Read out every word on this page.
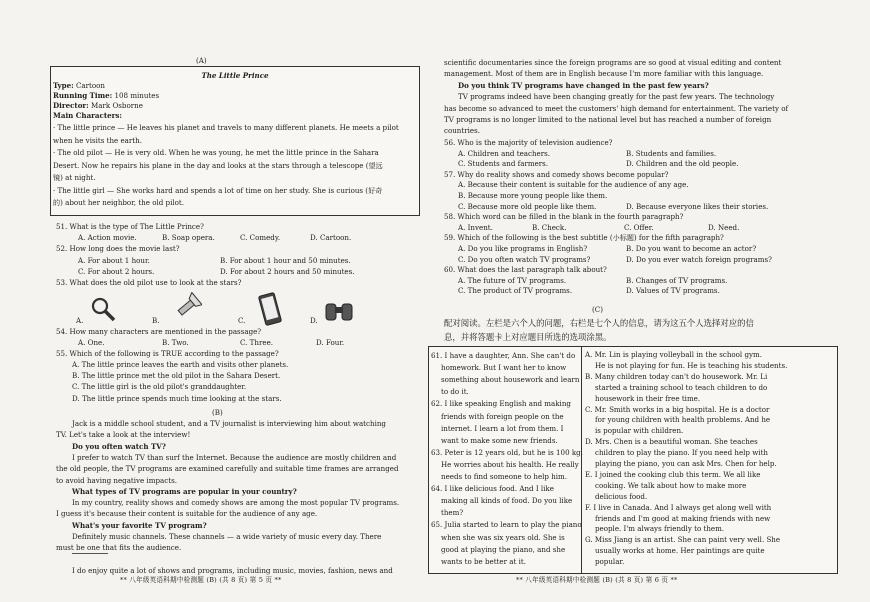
(A)
The Little Prince
Type: Cartoon
Running Time: 108 minutes
Director: Mark Osborne
Main Characters:
· The little prince — He leaves his planet and travels to many different planets. He meets a pilot
when he visits the earth.
· The old pilot — He is very old. When he was young, he met the little prince in the Sahara
Desert. Now he repairs his plane in the day and looks at the stars through a telescope (望远
镜) at night.
· The little girl — She works hard and spends a lot of time on her study. She is curious (好奇
的) about her neighbor, the old pilot.
51. What is the type of The Little Prince?
A. Action movie.	B. Soap opera.	C. Comedy.	D. Cartoon.
52. How long does the movie last?
A. For about 1 hour.	B. For about 1 hour and 50 minutes.
C. For about 2 hours.	D. For about 2 hours and 50 minutes.
53. What does the old pilot use to look at the stars?
A.	B.	C.	D.
54. How many characters are mentioned in the passage?
A. One.	B. Two.	C. Three.	D. Four.
55. Which of the following is TRUE according to the passage?
A. The little prince leaves the earth and visits other planets.
B. The little prince met the old pilot in the Sahara Desert.
C. The little girl is the old pilot's granddaughter.
D. The little prince spends much time looking at the stars.
(B)
Jack is a middle school student, and a TV journalist is interviewing him about watching
TV. Let's take a look at the interview!
Do you often watch TV?
I prefer to watch TV than surf the Internet. Because the audience are mostly children and
the old people, the TV programs are examined carefully and suitable time frames are arranged
to avoid having negative impacts.
What types of TV programs are popular in your country?
In my country, reality shows and comedy shows are among the most popular TV programs.
I guess it's because their content is suitable for the audience of any age.
What's your favorite TV program?
Definitely music channels. These channels — a wide variety of music every day. There
must be one that fits the audience.
I do enjoy quite a lot of shows and programs, including music, movies, fashion, news and
** 八年级英语科期中检测题 (B) (共 8 页) 第 5 页 **
scientific documentaries since the foreign programs are so good at visual editing and content
management. Most of them are in English because I'm more familiar with this language.
Do you think TV programs have changed in the past few years?
TV programs indeed have been changing greatly for the past few years. The technology
has become so advanced to meet the customers' high demand for entertainment. The variety of
TV programs is no longer limited to the national level but has reached a number of foreign
countries.
56. Who is the majority of television audience?
A. Children and teachers.	B. Students and families.
C. Students and farmers.	D. Children and the old people.
57. Why do reality shows and comedy shows become popular?
A. Because their content is suitable for the audience of any age.
B. Because more young people like them.
C. Because more old people like them.	D. Because everyone likes their stories.
58. Which word can be filled in the blank in the fourth paragraph?
A. Invent.	B. Check.	C. Offer.	D. Need.
59. Which of the following is the best subtitle (小标题) for the fifth paragraph?
A. Do you like programs in English?	B. Do you want to become an actor?
C. Do you often watch TV programs?	D. Do you ever watch foreign programs?
60. What does the last paragraph talk about?
A. The future of TV programs.	B. Changes of TV programs.
C. The product of TV programs.	D. Values of TV programs.
(C)
配对阅读。左栏是六个人的问题，右栏是七个人的信息，请为这五个人选择对应的信
息，并将答题卡上对应题目所选的选项涂黑。
61. I have a daughter, Ann. She can't do
homework. But I want her to know
something about housework and learn
to do it.
62. I like speaking English and making
friends with foreign people on the
internet. I learn a lot from them. I
want to make some new friends.
63. Peter is 12 years old, but he is 100 kg.
He worries about his health. He really
needs to find someone to help him.
64. I like delicious food. And I like
making all kinds of food. Do you like
them?
65. Julia started to learn to play the piano
when she was six years old. She is
good at playing the piano, and she
wants to be better at it.
A. Mr. Lin is playing volleyball in the school gym.
He is not playing for fun. He is teaching his students.
B. Many children today can't do housework. Mr. Li
started a training school to teach children to do
housework in their free time.
C. Mr. Smith works in a big hospital. He is a doctor
for young children with health problems. And he
is popular with children.
D. Mrs. Chen is a beautiful woman. She teaches
children to play the piano. If you need help with
playing the piano, you can ask Mrs. Chen for help.
E. I joined the cooking club this term. We all like
cooking. We talk about how to make more
delicious food.
F. I live in Canada. And I always get along well with
friends and I'm good at making friends with new
people. I'm always friendly to them.
G. Miss Jiang is an artist. She can paint very well. She
usually works at home. Her paintings are quite
popular.
** 八年级英语科期中检测题 (B) (共 8 页) 第 6 页 **
